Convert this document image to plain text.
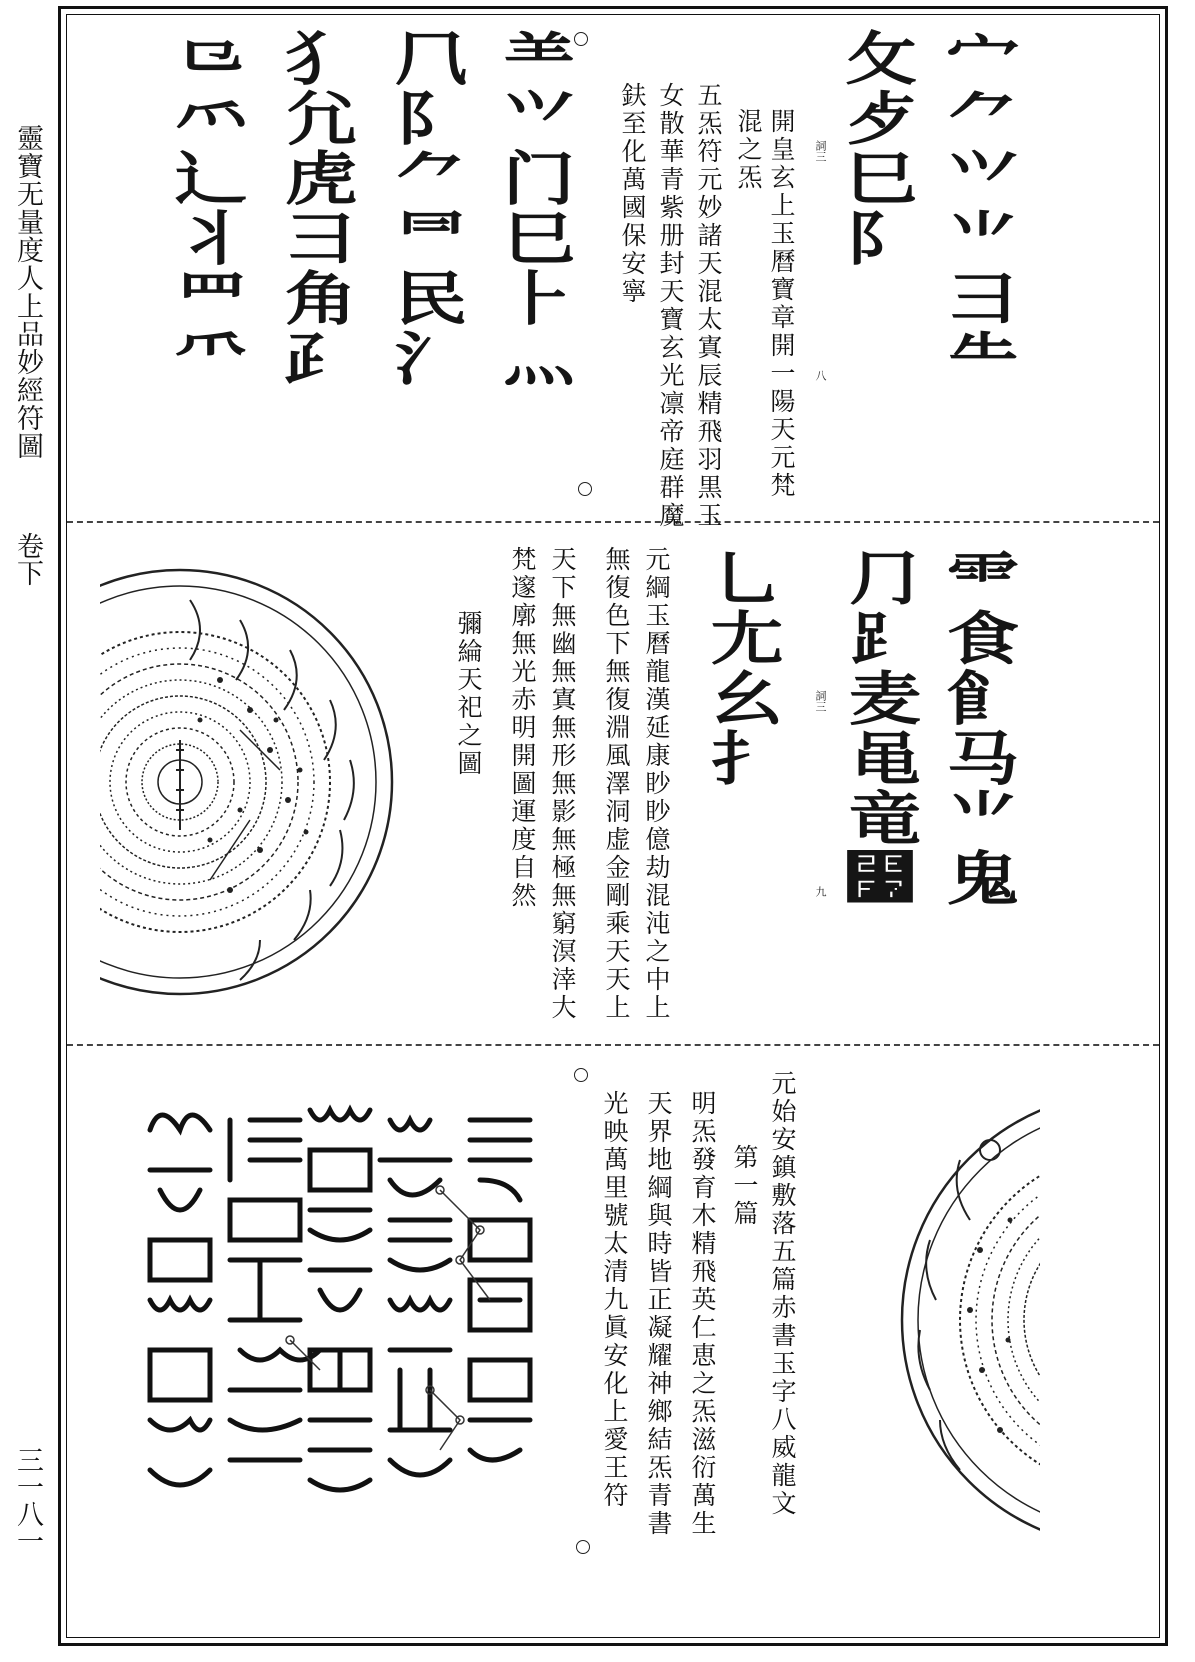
靈寶无量度人上品妙經符圖
卷下
三一八一
宀⺈⺍⺌⺕⺧
⺙⺞⺒⻖
⺷⺍⻔⺒⺊⺣
⺇⻖⺈⺜⺠⺡
⺨⺑⻁⺕⻆⺪
⺋⺤⻌⺦⺫⺥	開皇玄上玉曆寶章開一陽天元梵
混之炁
五炁符元妙諸天混太寘辰精飛羽黒玉
女散華青紫册封天寶玄光凛帝庭群魔
鈇至化萬國保安寧	詞三
八
⻗⻝⻞⻢⺌⻤
⺆⻊⻨⻪⻯⻷
⺃⺐⺓⺘	詞三
九
元綱玉曆龍漢延康眇眇億劫混沌之中上
無復色下無復淵風澤洞虚金剛乘天天上
天下無幽無寘無形無影無極無窮溟涬大
梵邃廓無光赤明開圖運度自然
彌綸天祀之圖
元始安鎮敷落五篇赤書玉字八威龍文
第一篇
明炁發育木精飛英仁恵之炁滋衍萬生
天界地綱與時皆正凝耀神鄉結炁青書
光映萬里號太清九眞安化上愛王符
